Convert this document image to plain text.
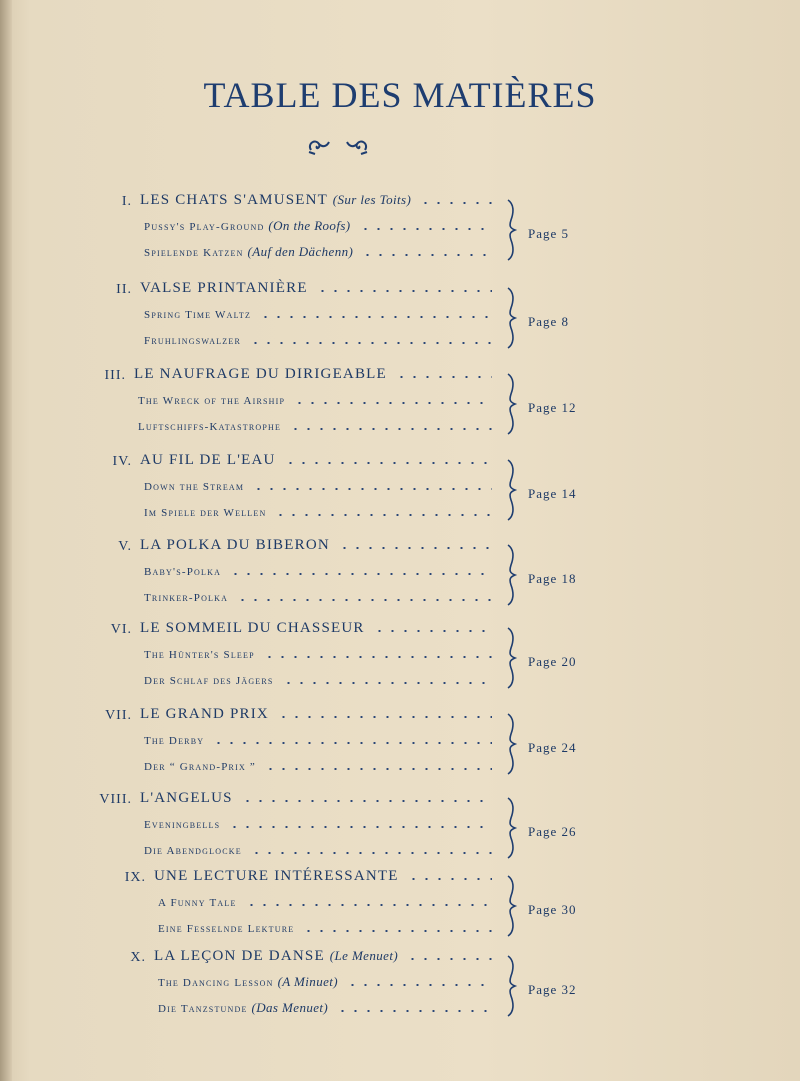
TABLE DES MATIÈRES
I. LES CHATS S'AMUSENT (Sur les Toits)
Pussy's Play-Ground (On the Roofs)
Spielende Katzen (Auf den Dächenn)
Page 5
II. VALSE PRINTANIÈRE
Spring Time Waltz
Fruhlingswalzer
Page 8
III. LE NAUFRAGE DU DIRIGEABLE
The Wreck of the Airship
Luftschiffs-Katastrophe
Page 12
IV. AU FIL DE L'EAU
Down the Stream
Im Spiele der Wellen
Page 14
V. LA POLKA DU BIBERON
Baby's-Polka
Trinker-Polka
Page 18
VI. LE SOMMEIL DU CHASSEUR
The Hünter's Sleep
Der Schlaf des Jägers
Page 20
VII. LE GRAND PRIX
The Derby
Der “ Grand-Prix ”
Page 24
VIII. L'ANGELUS
Eveningbells
Die Abendglocke
Page 26
IX. UNE LECTURE INTÉRESSANTE
A Funny Tale
Eine Fesselnde Lekture
Page 30
X. LA LEÇON DE DANSE (Le Menuet)
The Dancing Lesson (A Minuet)
Die Tanzstunde (Das Menuet)
Page 32
